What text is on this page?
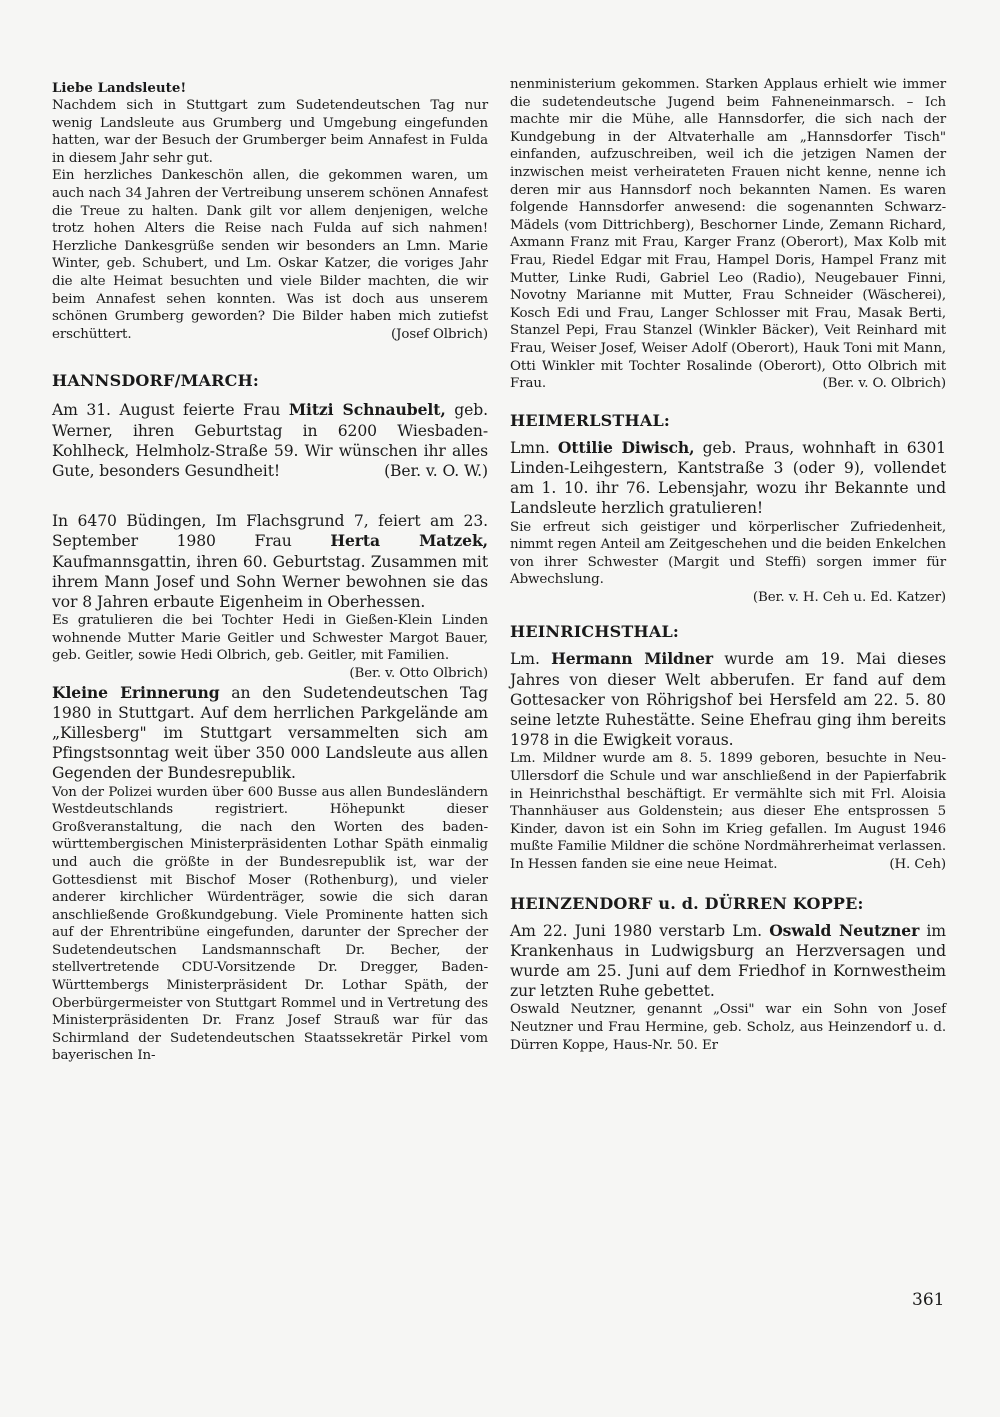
Liebe Landsleute!

Nachdem sich in Stuttgart zum Sudetendeutschen Tag nur wenig Landsleute aus Grumberg und Umgebung eingefunden hatten, war der Besuch der Grumberger beim Annafest in Fulda in diesem Jahr sehr gut.

Ein herzliches Dankeschön allen, die gekommen waren, um auch nach 34 Jahren der Vertreibung unserem schönen Annafest die Treue zu halten. Dank gilt vor allem denjenigen, welche trotz hohen Alters die Reise nach Fulda auf sich nahmen! Herzliche Dankesgrüße senden wir besonders an Lmn. Marie Winter, geb. Schubert, und Lm. Oskar Katzer, die voriges Jahr die alte Heimat besuchten und viele Bilder machten, die wir beim Annafest sehen konnten. Was ist doch aus unserem schönen Grumberg geworden? Die Bilder haben mich zutiefst erschüttert.	(Josef Olbrich)

HANNSDORF/MARCH:

Am 31. August feierte Frau Mitzi Schnaubelt, geb. Werner, ihren Geburtstag in 6200 Wiesbaden-Kohlheck, Helmholz-Straße 59. Wir wünschen ihr alles Gute, besonders Gesundheit!	(Ber. v. O. W.)

In 6470 Büdingen, Im Flachsgrund 7, feiert am 23. September 1980 Frau Herta Matzek, Kaufmannsgattin, ihren 60. Geburtstag. Zusammen mit ihrem Mann Josef und Sohn Werner bewohnen sie das vor 8 Jahren erbaute Eigenheim in Oberhessen.

Es gratulieren die bei Tochter Hedi in Gießen-Klein Linden wohnende Mutter Marie Geitler und Schwester Margot Bauer, geb. Geitler, sowie Hedi Olbrich, geb. Geitler, mit Familien.
(Ber. v. Otto Olbrich)

Kleine Erinnerung an den Sudetendeutschen Tag 1980 in Stuttgart. Auf dem herrlichen Parkgelände am „Killesberg" im Stuttgart versammelten sich am Pfingstsonntag weit über 350 000 Landsleute aus allen Gegenden der Bundesrepublik.

Von der Polizei wurden über 600 Busse aus allen Bundesländern Westdeutschlands registriert. Höhepunkt dieser Großveranstaltung, die nach den Worten des baden-württembergischen Ministerpräsidenten Lothar Späth einmalig und auch die größte in der Bundesrepublik ist, war der Gottesdienst mit Bischof Moser (Rothenburg), und vieler anderer kirchlicher Würdenträger, sowie die sich daran anschließende Großkundgebung. Viele Prominente hatten sich auf der Ehrentribüne eingefunden, darunter der Sprecher der Sudetendeutschen Landsmannschaft Dr. Becher, der stellvertretende CDU-Vorsitzende Dr. Dregger, Baden-Württembergs Ministerpräsident Dr. Lothar Späth, der Oberbürgermeister von Stuttgart Rommel und in Vertretung des Ministerpräsidenten Dr. Franz Josef Strauß war für das Schirmland der Sudetendeutschen Staatssekretär Pirkel vom bayerischen In-

nenministerium gekommen. Starken Applaus erhielt wie immer die sudetendeutsche Jugend beim Fahneneinmarsch. – Ich machte mir die Mühe, alle Hannsdorfer, die sich nach der Kundgebung in der Altvaterhalle am „Hannsdorfer Tisch" einfanden, aufzuschreiben, weil ich die jetzigen Namen der inzwischen meist verheirateten Frauen nicht kenne, nenne ich deren mir aus Hannsdorf noch bekannten Namen. Es waren folgende Hannsdorfer anwesend: die sogenannten Schwarz-Mädels (vom Dittrichberg), Beschorner Linde, Zemann Richard, Axmann Franz mit Frau, Karger Franz (Oberort), Max Kolb mit Frau, Riedel Edgar mit Frau, Hampel Doris, Hampel Franz mit Mutter, Linke Rudi, Gabriel Leo (Radio), Neugebauer Finni, Novotny Marianne mit Mutter, Frau Schneider (Wäscherei), Kosch Edi und Frau, Langer Schlosser mit Frau, Masak Berti, Stanzel Pepi, Frau Stanzel (Winkler Bäcker), Veit Reinhard mit Frau, Weiser Josef, Weiser Adolf (Oberort), Hauk Toni mit Mann, Otti Winkler mit Tochter Rosalinde (Oberort), Otto Olbrich mit Frau.	(Ber. v. O. Olbrich)

HEIMERLSTHAL:

Lmn. Ottilie Diwisch, geb. Praus, wohnhaft in 6301 Linden-Leihgestern, Kantstraße 3 (oder 9), vollendet am 1. 10. ihr 76. Lebensjahr, wozu ihr Bekannte und Landsleute herzlich gratulieren!

Sie erfreut sich geistiger und körperlischer Zufriedenheit, nimmt regen Anteil am Zeitgeschehen und die beiden Enkelchen von ihrer Schwester (Margit und Steffi) sorgen immer für Abwechslung.

(Ber. v. H. Ceh u. Ed. Katzer)
HEINRICHSTHAL:

Lm. Hermann Mildner wurde am 19. Mai dieses Jahres von dieser Welt abberufen. Er fand auf dem Gottesacker von Röhrigshof bei Hersfeld am 22. 5. 80 seine letzte Ruhestätte. Seine Ehefrau ging ihm bereits 1978 in die Ewigkeit voraus.

Lm. Mildner wurde am 8. 5. 1899 geboren, besuchte in Neu-Ullersdorf die Schule und war anschließend in der Papierfabrik in Heinrichsthal beschäftigt. Er vermählte sich mit Frl. Aloisia Thannhäuser aus Goldenstein; aus dieser Ehe entsprossen 5 Kinder, davon ist ein Sohn im Krieg gefallen. Im August 1946 mußte Familie Mildner die schöne Nordmährerheimat verlassen. In Hessen fanden sie eine neue Heimat.	(H. Ceh)

HEINZENDORF u. d. DÜRREN KOPPE:

Am 22. Juni 1980 verstarb Lm. Oswald Neutzner im Krankenhaus in Ludwigsburg an Herzversagen und wurde am 25. Juni auf dem Friedhof in Kornwestheim zur letzten Ruhe gebettet.

Oswald Neutzner, genannt „Ossi" war ein Sohn von Josef Neutzner und Frau Hermine, geb. Scholz, aus Heinzendorf u. d. Dürren Koppe, Haus-Nr. 50. Er

361
